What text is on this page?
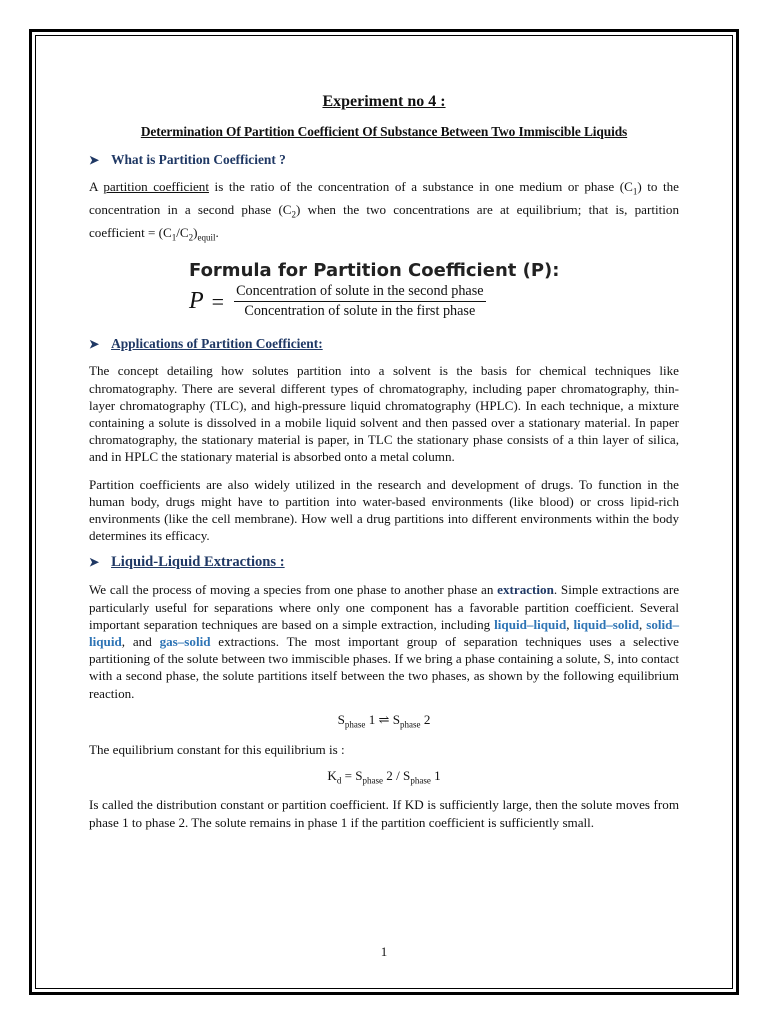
Experiment no 4 :
Determination Of Partition Coefficient Of Substance Between Two Immiscible Liquids
➤ What is Partition Coefficient ?

A partition coefficient is the ratio of the concentration of a substance in one medium or phase $(C_1)$ to the concentration in a second phase $(C_2)$ when the two concentrations are at equilibrium; that is, partition coefficient = $(C_1/C_2)_{equil}$.

Formula for Partition Coefficient (P):
$P = \frac{\text{Concentration of solute in the second phase}}{\text{Concentration of solute in the first phase}}$
➤ Applications of Partition Coefficient:

The concept detailing how solutes partition into a solvent is the basis for chemical techniques like chromatography. There are several different types of chromatography, including paper chromatography, thin-layer chromatography (TLC), and high-pressure liquid chromatography (HPLC). In each technique, a mixture containing a solute is dissolved in a mobile liquid solvent and then passed over a stationary material. In paper chromatography, the stationary material is paper, in TLC the stationary phase consists of a thin layer of silica, and in HPLC the stationary material is absorbed onto a metal column.

Partition coefficients are also widely utilized in the research and development of drugs. To function in the human body, drugs might have to partition into water-based environments (like blood) or cross lipid-rich environments (like the cell membrane). How well a drug partitions into different environments within the body determines its efficacy.

➤ Liquid-Liquid Extractions :

We call the process of moving a species from one phase to another phase an extraction. Simple extractions are particularly useful for separations where only one component has a favorable partition coefficient. Several important separation techniques are based on a simple extraction, including liquid–liquid, liquid–solid, solid–liquid, and gas–solid extractions. The most important group of separation techniques uses a selective partitioning of the solute between two immiscible phases. If we bring a phase containing a solute, S, into contact with a second phase, the solute partitions itself between the two phases, as shown by the following equilibrium reaction.

$S_{phase}$ 1 ⇌ $S_{phase}$ 2

The equilibrium constant for this equilibrium is :

$K_d = S_{phase}$ $2 / S_{phase}$ 1

Is called the distribution constant or partition coefficient. If KD is sufficiently large, then the solute moves from phase 1 to phase 2. The solute remains in phase 1 if the partition coefficient is sufficiently small.

1
